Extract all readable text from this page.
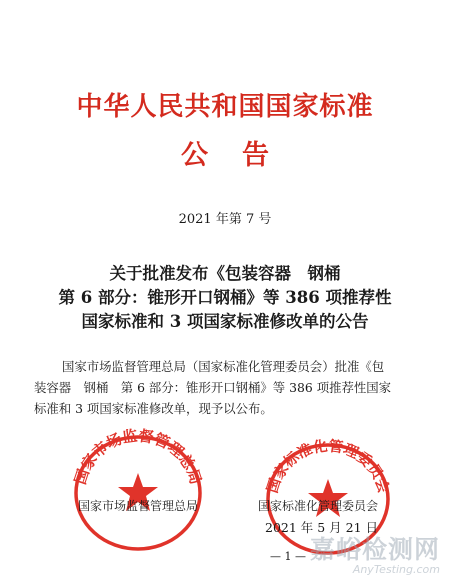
中华人民共和国国家标准
公告
2021 年第 7 号
关于批准发布《包装容器　钢桶
第 6 部分：锥形开口钢桶》等 386 项推荐性
国家标准和 3 项国家标准修改单的公告
国家市场监督管理总局（国家标准化管理委员会）批准《包
装容器　钢桶　第 6 部分：锥形开口钢桶》等 386 项推荐性国家
标准和 3 项国家标准修改单，现予以公布。
国家市场监督管理总局	国家标准化管理委员会
国家市场监督管理总局	国家标准化管理委员会
2021 年 5 月 21 日
— 1 — 嘉峪检测网
AnyTesting.com
